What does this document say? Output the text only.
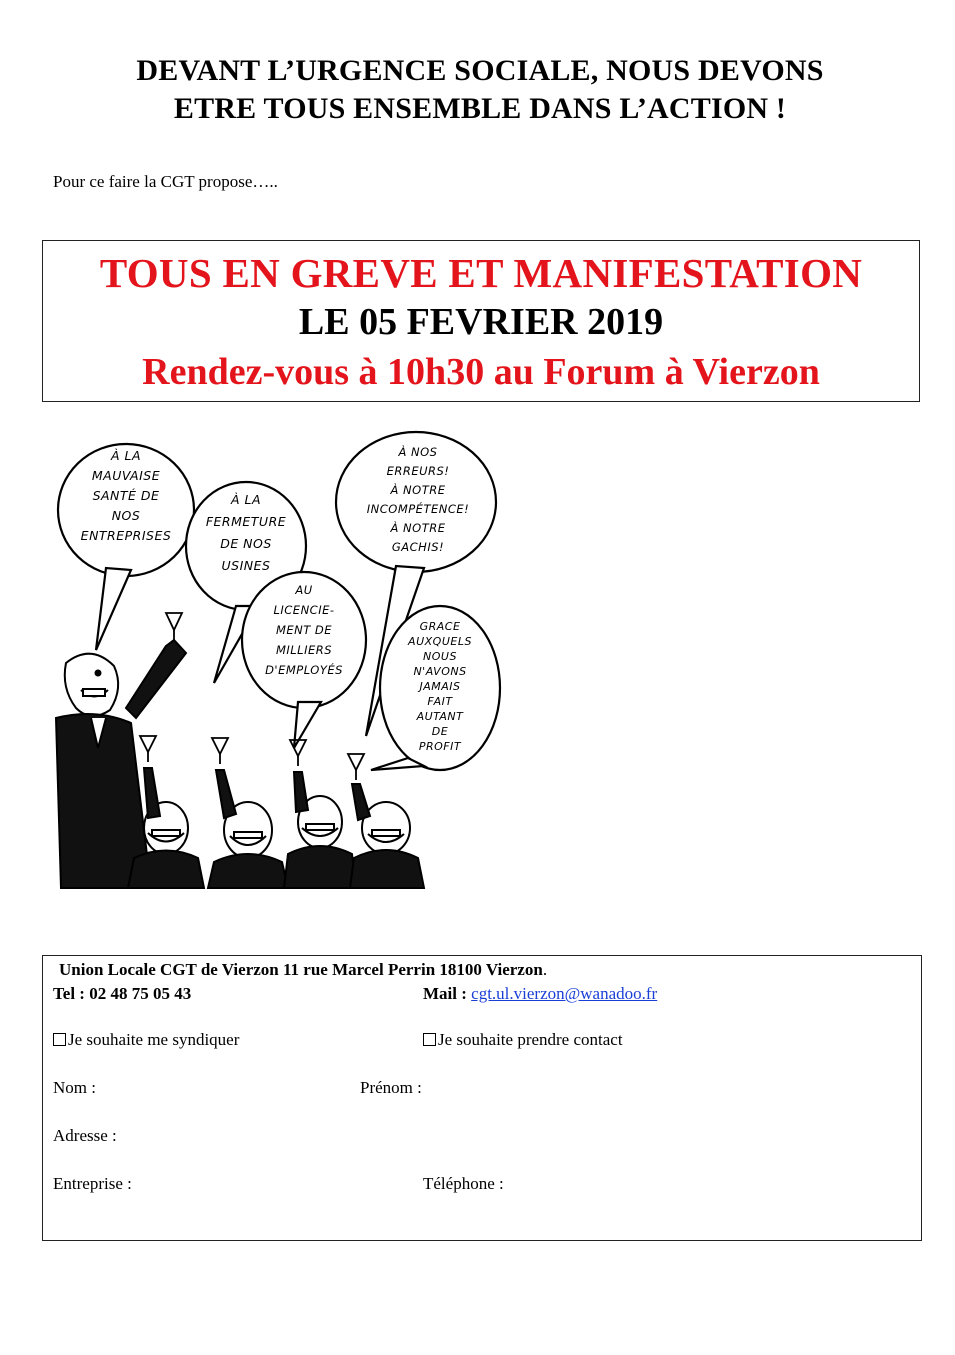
DEVANT L’URGENCE SOCIALE, NOUS DEVONS
ETRE TOUS ENSEMBLE DANS L’ACTION !
Pour ce faire la CGT propose…..
TOUS EN GREVE ET MANIFESTATION
LE 05 FEVRIER 2019
Rendez-vous à 10h30 au Forum à Vierzon
À LA
MAUVAISE
SANTÉ DE
NOS
ENTREPRISES
À LA
FERMETURE
DE NOS
USINES
AU
LICENCIE-
MENT DE
MILLIERS
D'EMPLOYÉS
À NOS
ERREURS!
À NOTRE
INCOMPÉTENCE!
À NOTRE
GACHIS!
GRACE
AUXQUELS
NOUS
N'AVONS
JAMAIS
FAIT
AUTANT
DE
PROFIT
Union Locale CGT de Vierzon 11 rue Marcel Perrin 18100 Vierzon.
Tel : 02 48 75 05 43	Mail : cgt.ul.vierzon@wanadoo.fr
Je souhaite me syndiquer	Je souhaite prendre contact
Nom :	Prénom :
Adresse :
Entreprise :	Téléphone :
